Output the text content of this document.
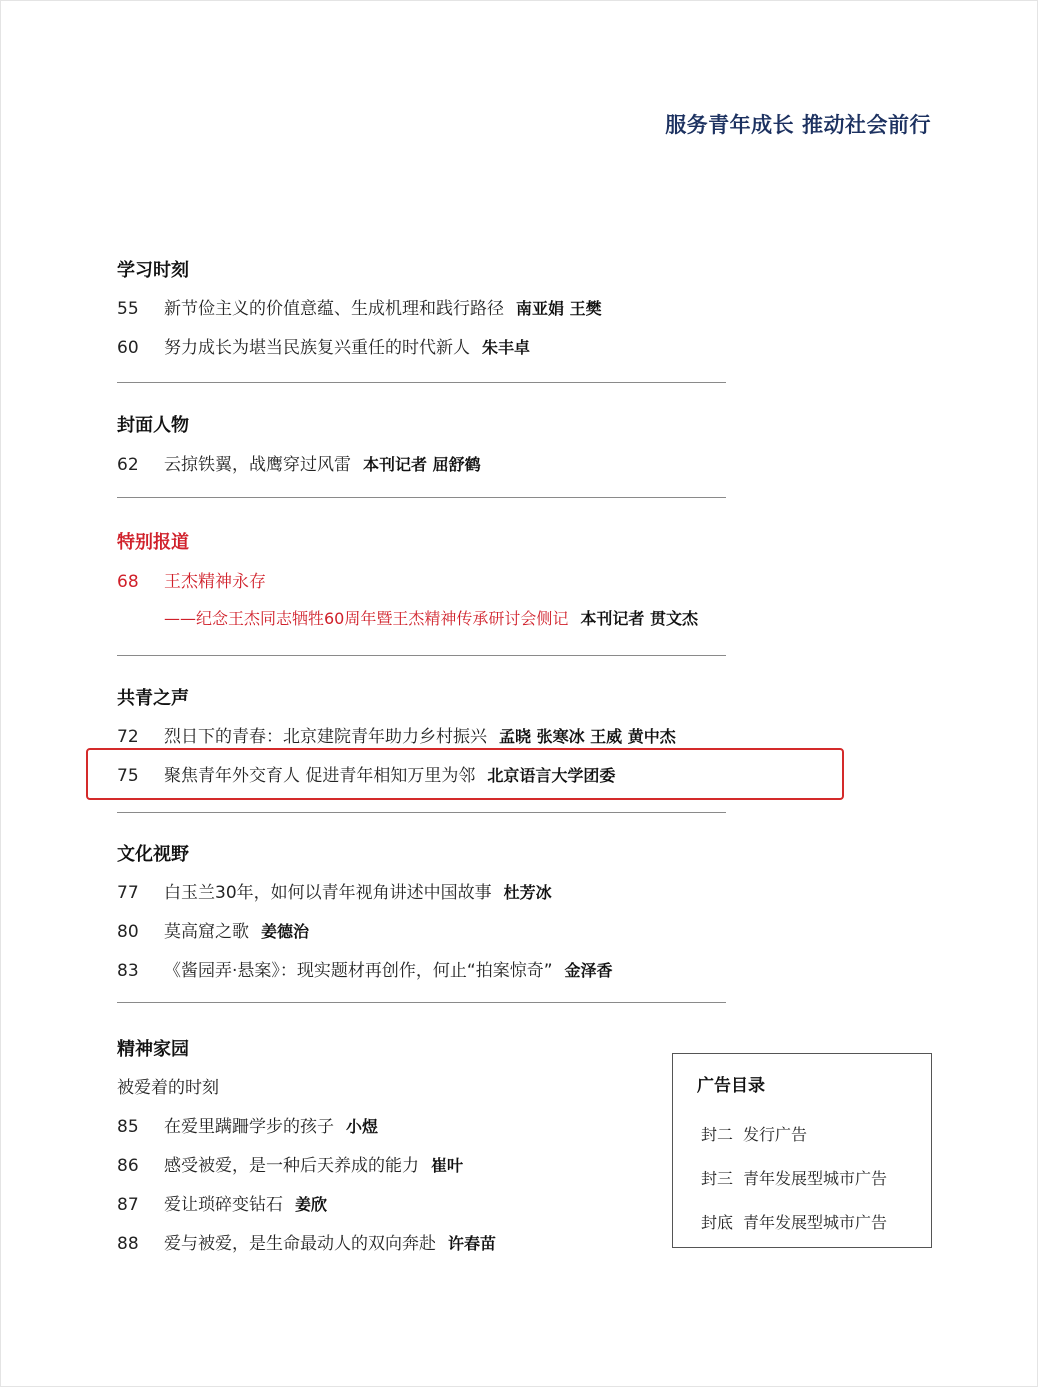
服务青年成长 推动社会前行
学习时刻
55 新节俭主义的价值意蕴、生成机理和践行路径 南亚娟 王樊
60 努力成长为堪当民族复兴重任的时代新人 朱丰卓
封面人物
62 云掠铁翼，战鹰穿过风雷 本刊记者 屈舒鹤
特别报道
68 王杰精神永存
——纪念王杰同志牺牲60周年暨王杰精神传承研讨会侧记 本刊记者 贯文杰
共青之声
72 烈日下的青春：北京建院青年助力乡村振兴 孟晓 张寒冰 王威 黄中杰
75 聚焦青年外交育人 促进青年相知万里为邻 北京语言大学团委
文化视野
77 白玉兰30年，如何以青年视角讲述中国故事 杜芳冰
80 莫高窟之歌 姜德治
83 《酱园弄·悬案》：现实题材再创作，何止“拍案惊奇” 金泽香
精神家园
被爱着的时刻
85 在爱里蹒跚学步的孩子 小煜
86 感受被爱，是一种后天养成的能力 崔叶
87 爱让琐碎变钻石 姜欣
88 爱与被爱，是生命最动人的双向奔赴 许春苗
广告目录
封二 发行广告
封三 青年发展型城市广告
封底 青年发展型城市广告
